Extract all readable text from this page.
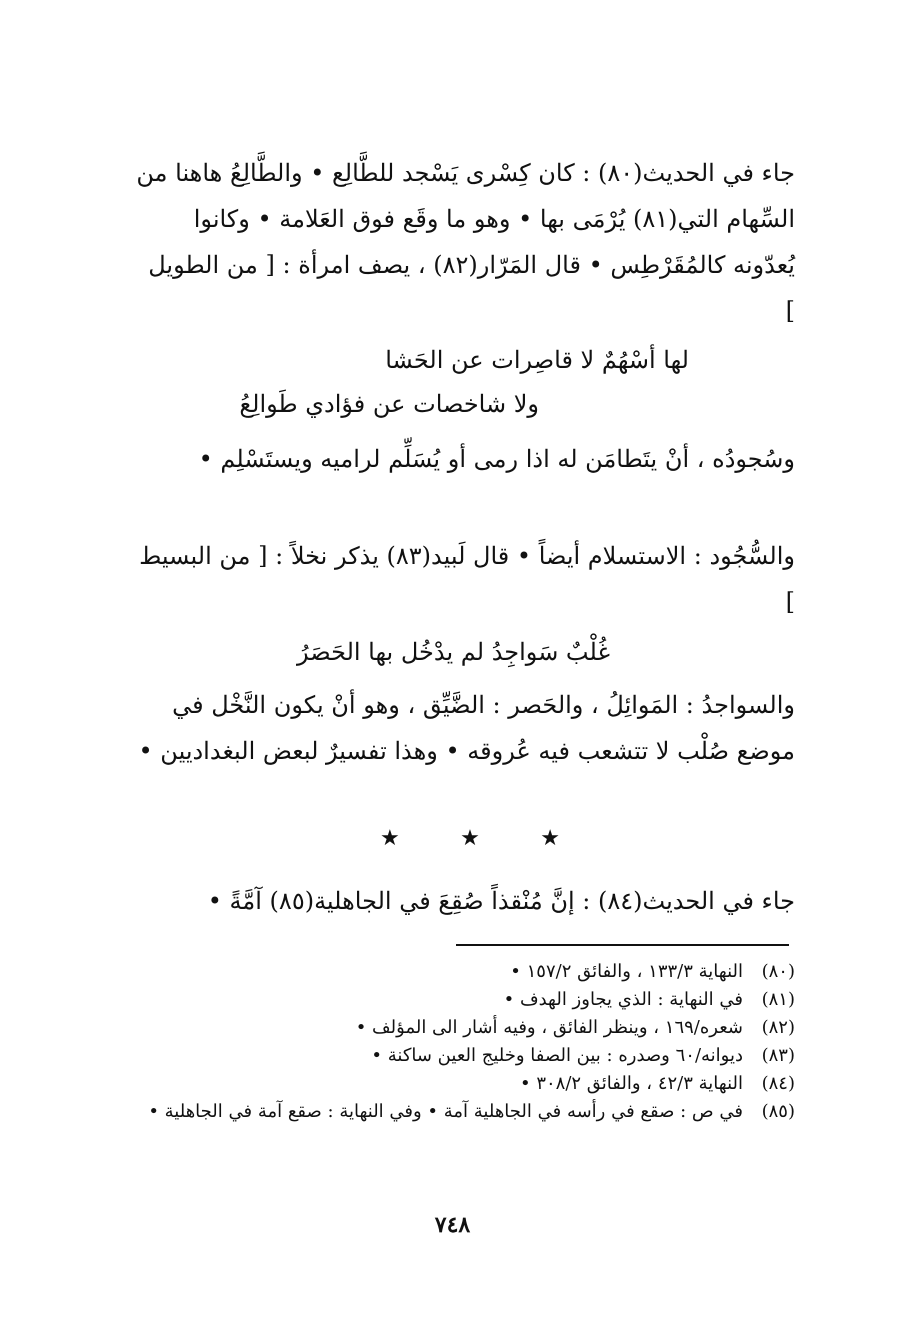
جاء في الحديث(٨٠) : كان كِسْرى يَسْجد للطَّالِع • والطَّالِعُ هاهنا من السِّهام التي(٨١) يُرْمَى بها • وهو ما وقَع فوق العَلامة • وكانوا يُعدّونه كالمُقَرْطِس • قال المَرّار(٨٢) ، يصف امرأة : [ من الطويل ]

لها أسْهُمٌ لا قاصِرات عن الحَشا

ولا شاخصات عن فؤادي طَوالِعُ

وسُجودُه ، أنْ يتَطامَن له اذا رمى أو يُسَلِّم لراميه ويستَسْلِم •

والسُّجُود : الاستسلام أيضاً • قال لَبيد(٨٣) يذكر نخلاً : [ من البسيط ]

غُلْبٌ سَواجِدُ لم يدْخُل بها الحَصَرُ

والسواجدُ : المَوائِلُ ، والحَصر : الضَّيِّق ، وهو أنْ يكون النَّخْل في موضع صُلْب لا تتشعب فيه عُروقه • وهذا تفسيرٌ لبعض البغداديين •

★	★	★

جاء في الحديث(٨٤) : إنَّ مُنْقذاً صُقِعَ في الجاهلية(٨٥) آمَّةً •

(٨٠)
النهاية ١٣٣/٣ ، والفائق ١٥٧/٢ •
(٨١)
في النهاية : الذي يجاوز الهدف •
(٨٢)
شعره/١٦٩ ، وينظر الفائق ، وفيه أشار الى المؤلف •
(٨٣)
ديوانه/٦٠ وصدره : بين الصفا وخليج العين ساكنة •
(٨٤)
النهاية ٤٢/٣ ، والفائق ٣٠٨/٢ •
(٨٥)
في ص : صقع في رأسه في الجاهلية آمة • وفي النهاية : صقع آمة في الجاهلية •
٧٤٨
